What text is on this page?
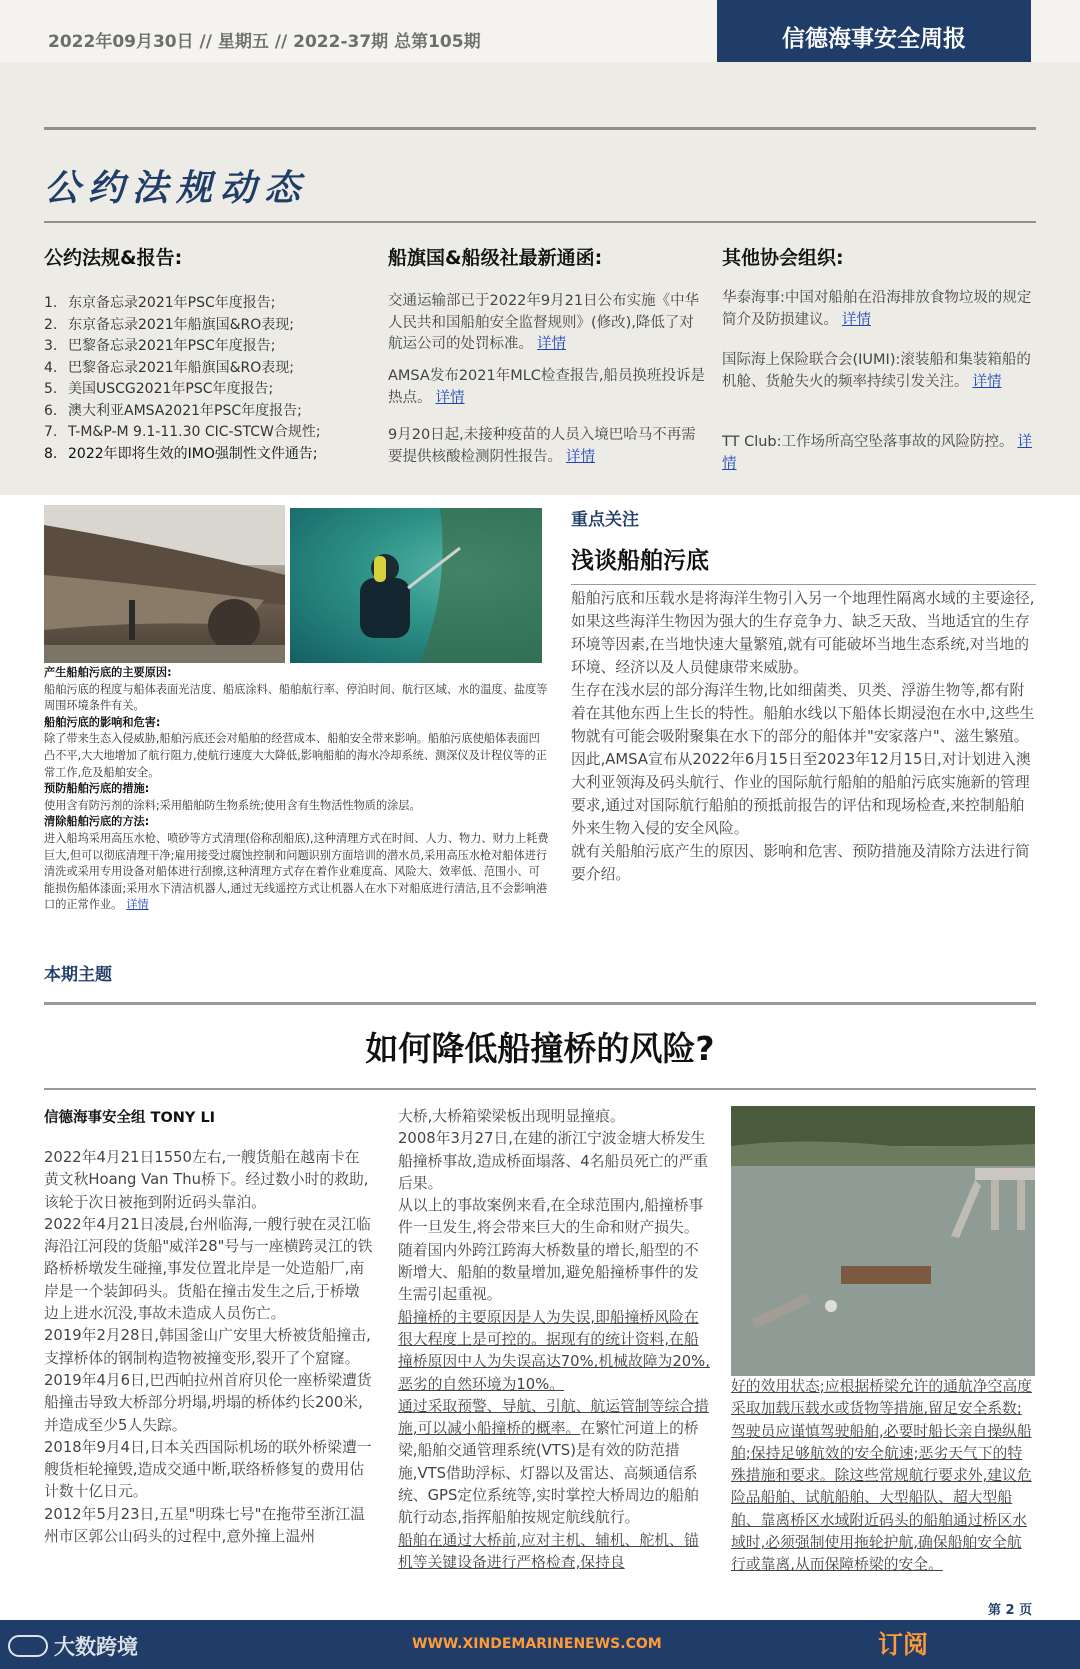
2022年09月30日 // 星期五 // 2022-37期 总第105期	信德海事安全周报
公约法规动态
公约法规&报告:	船旗国&船级社最新通函:	其他协会组织:
1. 东京备忘录2021年PSC年度报告;
2. 东京备忘录2021年船旗国&RO表现;
3. 巴黎备忘录2021年PSC年度报告;
4. 巴黎备忘录2021年船旗国&RO表现;
5. 美国USCG2021年PSC年度报告;
6. 澳大利亚AMSA2021年PSC年度报告;
7. T-M&P-M 9.1-11.30 CIC-STCW合规性;
8. 2022年即将生效的IMO强制性文件通告;

交通运输部已于2022年9月21日公布实施《中华人民共和国船舶安全监督规则》(修改),降低了对航运公司的处罚标准。 详情

AMSA发布2021年MLC检查报告,船员换班投诉是热点。 详情

9月20日起,未接种疫苗的人员入境巴哈马不再需要提供核酸检测阴性报告。 详情

华泰海事:中国对船舶在沿海排放食物垃圾的规定简介及防损建议。 详情

国际海上保险联合会(IUMI):滚装船和集装箱船的机舱、货舱失火的频率持续引发关注。 详情

TT Club:工作场所高空坠落事故的风险防控。 详情

产生船舶污底的主要原因:

船舶污底的程度与船体表面光洁度、船底涂料、船舶航行率、停泊时间、航行区域、水的温度、盐度等周围环境条件有关。

船舶污底的影响和危害:

除了带来生态入侵威胁,船舶污底还会对船舶的经营成本、船舶安全带来影响。船舶污底使船体表面凹凸不平,大大地增加了航行阻力,使航行速度大大降低,影响船舶的海水冷却系统、测深仪及计程仪等的正常工作,危及船舶安全。

预防船舶污底的措施:

使用含有防污剂的涂料;采用船舶防生物系统;使用含有生物活性物质的涂层。

清除船舶污底的方法:

进入船坞采用高压水枪、喷砂等方式清理(俗称刮船底),这种清理方式在时间、人力、物力、财力上耗费巨大,但可以彻底清理干净;雇用接受过腐蚀控制和问题识别方面培训的潜水员,采用高压水枪对船体进行清洗或采用专用设备对船体进行刮擦,这种清理方式存在着作业难度高、风险大、效率低、范围小、可能损伤船体漆面;采用水下清洁机器人,通过无线遥控方式让机器人在水下对船底进行清洁,且不会影响港口的正常作业。 详情

重点关注
浅谈船舶污底

船舶污底和压载水是将海洋生物引入另一个地理性隔离水域的主要途径,如果这些海洋生物因为强大的生存竞争力、缺乏天敌、当地适宜的生存环境等因素,在当地快速大量繁殖,就有可能破坏当地生态系统,对当地的环境、经济以及人员健康带来威胁。

生存在浅水层的部分海洋生物,比如细菌类、贝类、浮游生物等,都有附着在其他东西上生长的特性。船舶水线以下船体长期浸泡在水中,这些生物就有可能会吸附聚集在水下的部分的船体并"安家落户"、滋生繁殖。

因此,AMSA宣布从2022年6月15日至2023年12月15日,对计划进入澳大利亚领海及码头航行、作业的国际航行船舶的船舶污底实施新的管理要求,通过对国际航行船舶的预抵前报告的评估和现场检查,来控制船舶外来生物入侵的安全风险。

就有关船舶污底产生的原因、影响和危害、预防措施及清除方法进行简要介绍。

本期主题
如何降低船撞桥的风险?
信德海事安全组 TONY LI

2022年4月21日1550左右,一艘货船在越南卡在黄文秋Hoang Van Thu桥下。经过数小时的救助,该轮于次日被拖到附近码头靠泊。

2022年4月21日凌晨,台州临海,一艘行驶在灵江临海沿江河段的货船"威洋28"号与一座横跨灵江的铁路桥桥墩发生碰撞,事发位置北岸是一处造船厂,南岸是一个装卸码头。货船在撞击发生之后,于桥墩边上进水沉没,事故未造成人员伤亡。

2019年2月28日,韩国釜山广安里大桥被货船撞击,支撑桥体的钢制构造物被撞变形,裂开了个窟窿。

2019年4月6日,巴西帕拉州首府贝伦一座桥梁遭货船撞击导致大桥部分坍塌,坍塌的桥体约长200米,并造成至少5人失踪。

2018年9月4日,日本关西国际机场的联外桥梁遭一艘货柜轮撞毁,造成交通中断,联络桥修复的费用估计数十亿日元。

2012年5月23日,五星"明珠七号"在拖带至浙江温州市区郭公山码头的过程中,意外撞上温州

大桥,大桥箱梁梁板出现明显撞痕。

2008年3月27日,在建的浙江宁波金塘大桥发生船撞桥事故,造成桥面塌落、4名船员死亡的严重后果。

从以上的事故案例来看,在全球范围内,船撞桥事件一旦发生,将会带来巨大的生命和财产损失。随着国内外跨江跨海大桥数量的增长,船型的不断增大、船舶的数量增加,避免船撞桥事件的发生需引起重视。

船撞桥的主要原因是人为失误,即船撞桥风险在很大程度上是可控的。据现有的统计资料,在船撞桥原因中人为失误高达70%,机械故障为20%,恶劣的自然环境为10%。

通过采取预警、导航、引航、航运管制等综合措施,可以减小船撞桥的概率。在繁忙河道上的桥梁,船舶交通管理系统(VTS)是有效的防范措施,VTS借助浮标、灯器以及雷达、高频通信系统、GPS定位系统等,实时掌控大桥周边的船舶航行动态,指挥船舶按规定航线航行。

船舶在通过大桥前,应对主机、辅机、舵机、锚机等关键设备进行严格检查,保持良

好的效用状态;应根据桥梁允许的通航净空高度采取加载压载水或货物等措施,留足安全系数;驾驶员应谨慎驾驶船舶,必要时船长亲自操纵船舶;保持足够航效的安全航速;恶劣天气下的特殊措施和要求。除这些常规航行要求外,建议危险品船舶、试航船舶、大型船队、超大型船舶、靠离桥区水域附近码头的船舶通过桥区水域时,必须强制使用拖轮护航,确保船舶安全航行或靠离,从而保障桥梁的安全。

第 2 页
大数跨境	WWW.XINDEMARINENEWS.COM	订阅
